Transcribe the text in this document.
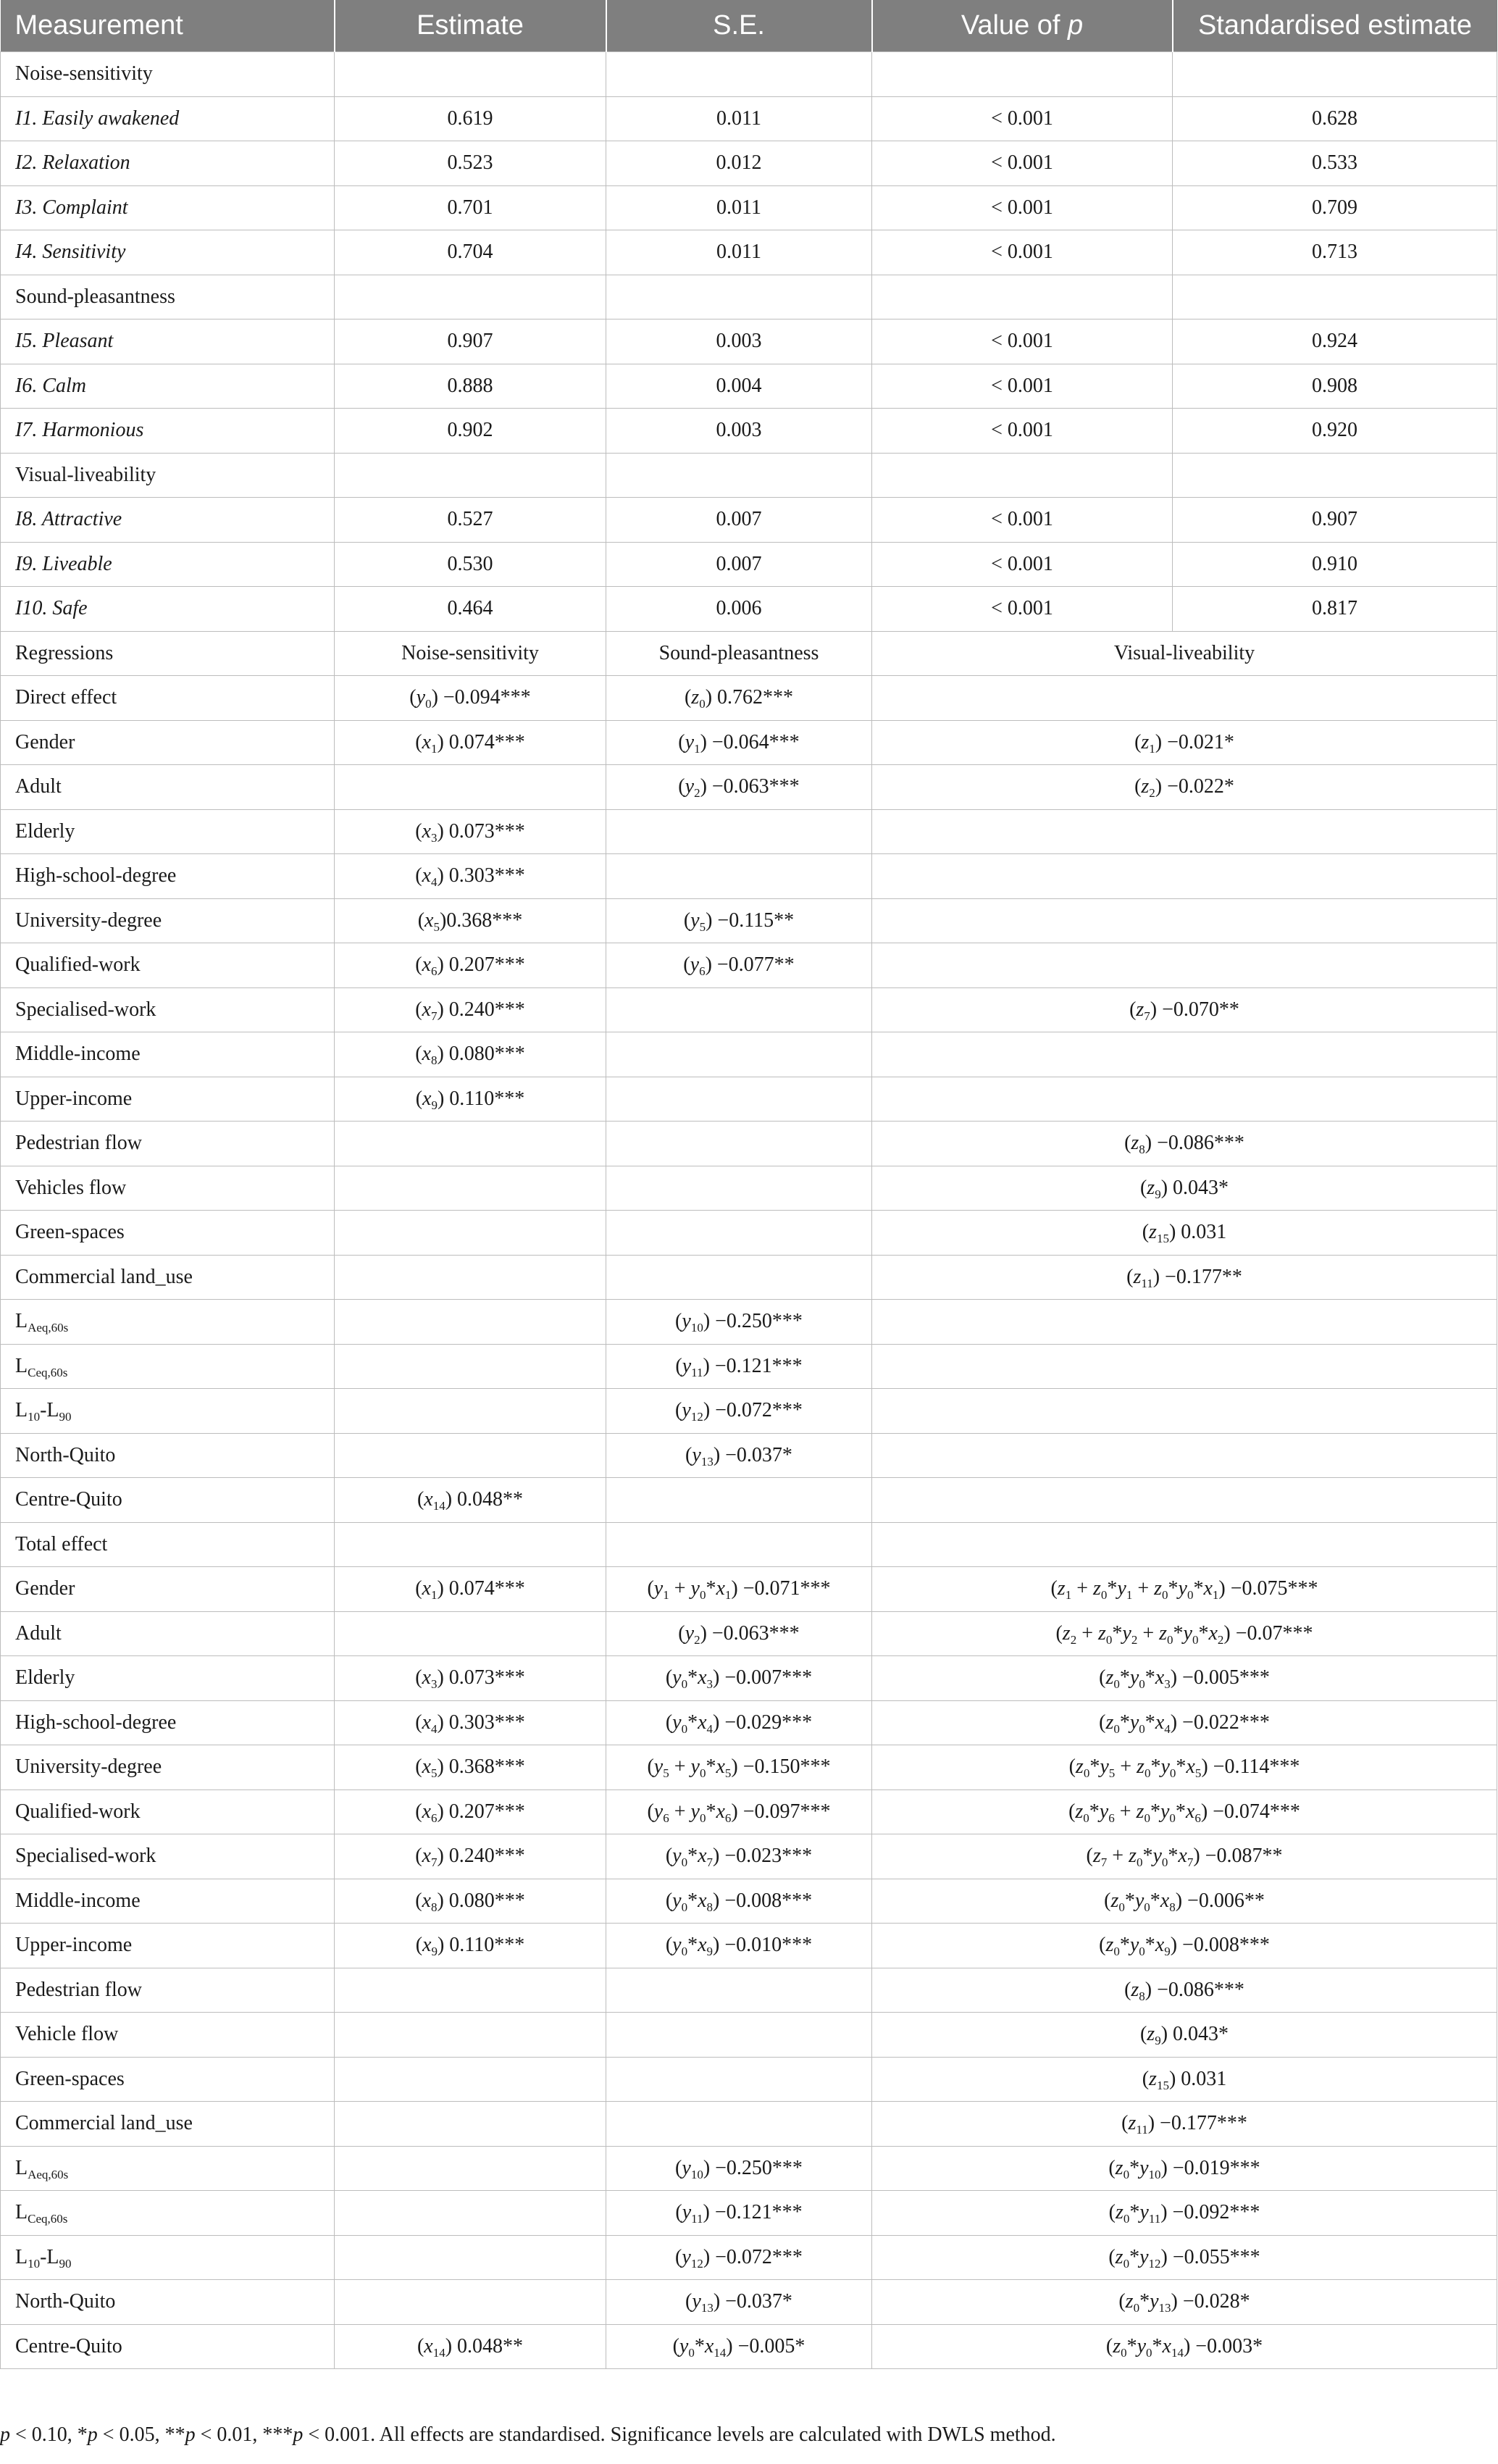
Measurement	Estimate	S.E.	Value of p	Standardised estimate
Noise-sensitivity				
I1. Easily awakened	0.619	0.011	< 0.001	0.628
I2. Relaxation	0.523	0.012	< 0.001	0.533
I3. Complaint	0.701	0.011	< 0.001	0.709
I4. Sensitivity	0.704	0.011	< 0.001	0.713
Sound-pleasantness				
I5. Pleasant	0.907	0.003	< 0.001	0.924
I6. Calm	0.888	0.004	< 0.001	0.908
I7. Harmonious	0.902	0.003	< 0.001	0.920
Visual-liveability				
I8. Attractive	0.527	0.007	< 0.001	0.907
I9. Liveable	0.530	0.007	< 0.001	0.910
I10. Safe	0.464	0.006	< 0.001	0.817
Regressions	Noise-sensitivity	Sound-pleasantness	Visual-liveability	
Direct effect	$(y_0) -0.094***$	$(z_0)$ 0.762***		
Gender	$(x_1)$ 0.074***	$(y_1) -0.064***$	$(z_1) -0.021*$	
Adult		$(y_2) -0.063***$	$(z_2) -0.022*$	
Elderly	$(x_3)$ 0.073***			
High-school-degree	$(x_4)$ 0.303***			
University-degree	$(x_5)0.368***$	$(y_5) -0.115**$		
Qualified-work	$(x_6)$ 0.207***	$(y_6) -0.077**$		
Specialised-work	$(x_7)$ 0.240***		$(z_7) -0.070**$	
Middle-income	$(x_8)$ 0.080***			
Upper-income	$(x_9)$ 0.110***			
Pedestrian flow			$(z_8) -0.086***$	
Vehicles flow			$(z_9)$ 0.043*	
Green-spaces			$(z_{15})$ 0.031	
Commercial land_use			$(z_{11}) -0.177**$	
$L_{Aeq,60s}$		$(y_{10}) -0.250***$		
$L_{Ceq,60s}$		$(y_{11}) -0.121***$		
$L_{10}-L_{90}$		$(y_{12}) -0.072***$		
North-Quito		$(y_{13}) -0.037*$		
Centre-Quito	$(x_{14})$ 0.048**			
Total effect				
Gender	$(x_1)$ 0.074***	$(y_1 + y_0*x_1) -0.071***$	$(z_1 + z_0*y_1 + z_0*y_0*x_1) -0.075***$	
Adult		$(y_2) -0.063***$	$(z_2 + z_0*y_2 + z_0*y_0*x_2) -0.07***$	
Elderly	$(x_3)$ 0.073***	$(y_0*x_3) -0.007***$	$(z_0*y_0*x_3) -0.005***$	
High-school-degree	$(x_4)$ 0.303***	$(y_0*x_4) -0.029***$	$(z_0*y_0*x_4) -0.022***$	
University-degree	$(x_5)$ 0.368***	$(y_5 + y_0*x_5) -0.150***$	$(z_0*y_5 + z_0*y_0*x_5) -0.114***$	
Qualified-work	$(x_6)$ 0.207***	$(y_6 + y_0*x_6) -0.097***$	$(z_0*y_6 + z_0*y_0*x_6) -0.074***$	
Specialised-work	$(x_7)$ 0.240***	$(y_0*x_7) -0.023***$	$(z_7 + z_0*y_0*x_7) -0.087**$	
Middle-income	$(x_8)$ 0.080***	$(y_0*x_8) -0.008***$	$(z_0*y_0*x_8) -0.006**$	
Upper-income	$(x_9)$ 0.110***	$(y_0*x_9) -0.010***$	$(z_0*y_0*x_9) -0.008***$	
Pedestrian flow			$(z_8) -0.086***$	
Vehicle flow			$(z_9)$ 0.043*	
Green-spaces			$(z_{15})$ 0.031	
Commercial land_use			$(z_{11}) -0.177***$	
$L_{Aeq,60s}$		$(y_{10}) -0.250***$	$(z_0*y_{10}) -0.019***$	
$L_{Ceq,60s}$		$(y_{11}) -0.121***$	$(z_0*y_{11}) -0.092***$	
$L_{10}-L_{90}$		$(y_{12}) -0.072***$	$(z_0*y_{12}) -0.055***$	
North-Quito		$(y_{13}) -0.037*$	$(z_0*y_{13}) -0.028*$	
Centre-Quito	$(x_{14})$ 0.048**	$(y_0*x_{14}) -0.005*$	$(z_0*y_0*x_{14}) -0.003*$	
p < 0.10, *p < 0.05, **p < 0.01, ***p < 0.001. All effects are standardised. Significance levels are calculated with DWLS method.
